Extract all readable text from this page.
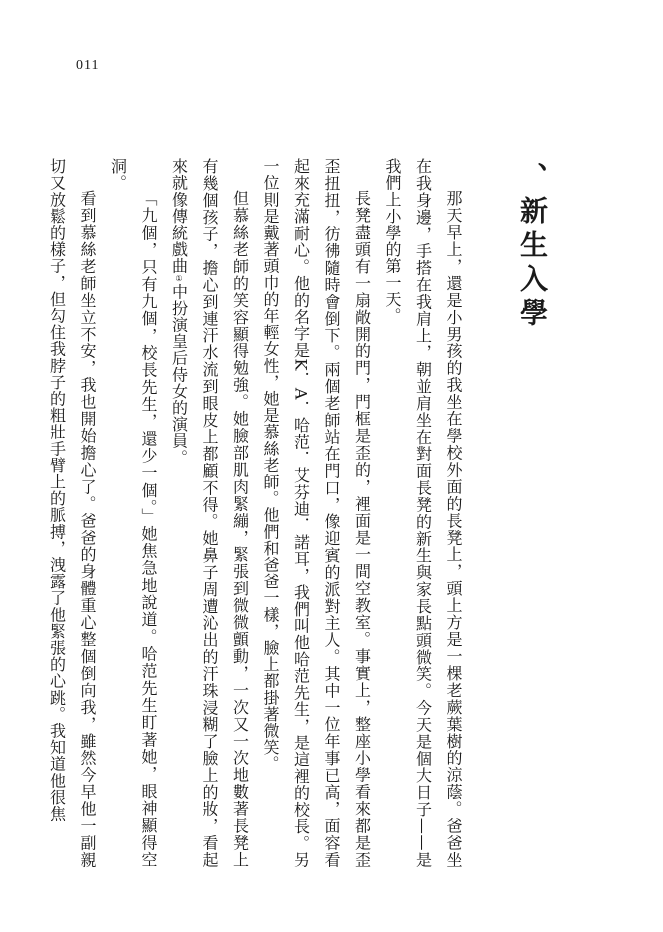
011
、新生入學

那天早上，還是小男孩的我坐在學校外面的長凳上，頭上方是一棵老蕨葉樹的涼蔭。爸爸坐在我身邊，手搭在我肩上，朝並肩坐在對面長凳的新生與家長點頭微笑。今天是個大日子——是我們上小學的第一天。

長凳盡頭有一扇敞開的門，門框是歪的，裡面是一間空教室。事實上，整座小學看來都是歪歪扭扭，彷彿隨時會倒下。兩個老師站在門口，像迎賓的派對主人。其中一位年事已高，面容看起來充滿耐心。他的名字是K．A．哈范．艾芬迪．諾耳，我們叫他哈范先生，是這裡的校長。另一位則是戴著頭巾的年輕女性，她是慕絲老師。他們和爸爸一樣，臉上都掛著微笑。

但慕絲老師的笑容顯得勉強。她臉部肌肉緊繃，緊張到微微顫動，一次又一次地數著長凳上有幾個孩子，擔心到連汗水流到眼皮上都顧不得。她鼻子周遭沁出的汗珠浸糊了臉上的妝，看起來就像傳統戲曲①中扮演皇后侍女的演員。

「九個，只有九個，校長先生，還少一個。」她焦急地說道。哈范先生盯著她，眼神顯得空洞。

看到慕絲老師坐立不安，我也開始擔心了。爸爸的身體重心整個倒向我，雖然今早他一副親切又放鬆的樣子，但勾住我脖子的粗壯手臂上的脈搏，洩露了他緊張的心跳。我知道他很焦
